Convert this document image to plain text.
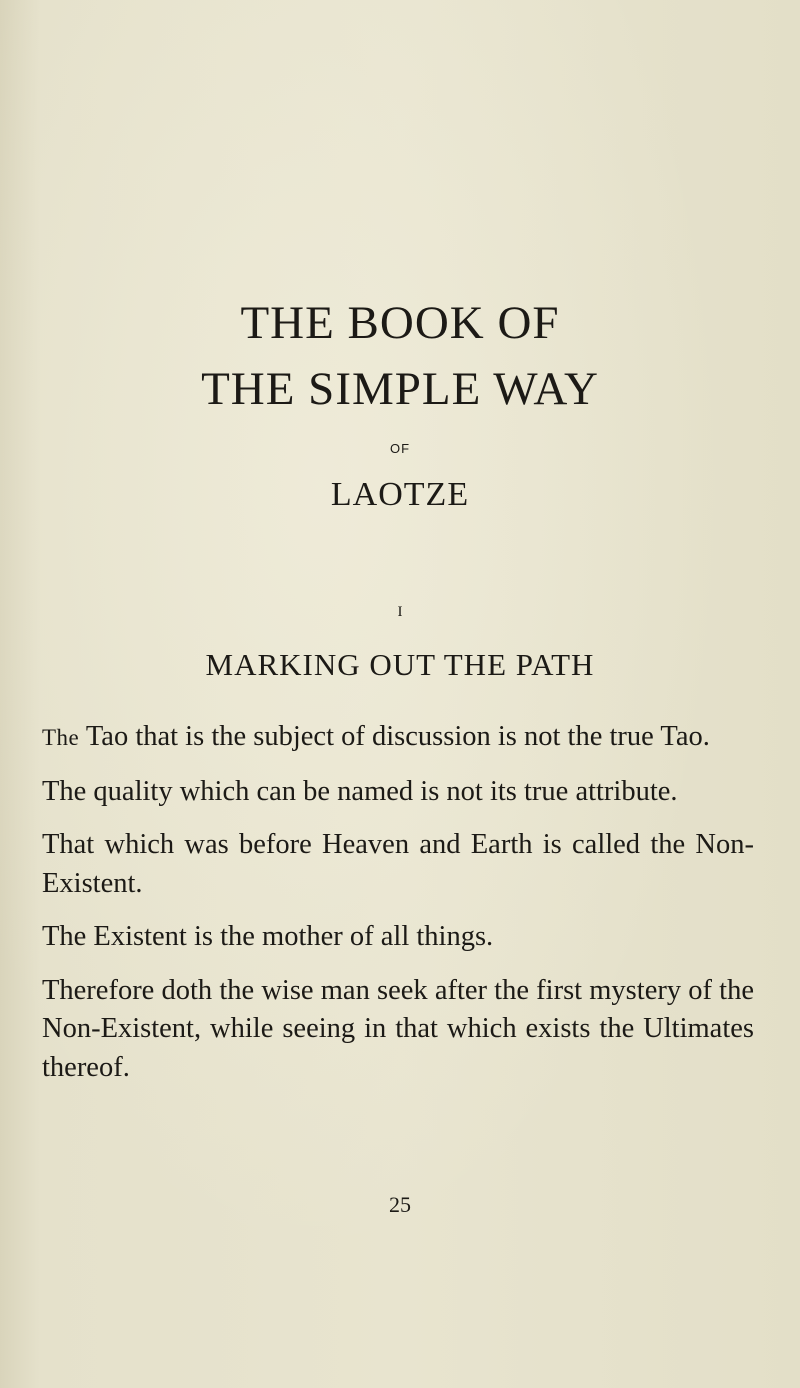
THE BOOK OF
THE SIMPLE WAY
OF
LAOTZE
I
MARKING OUT THE PATH

The Tao that is the subject of discussion is not the true Tao.

The quality which can be named is not its true attribute.

That which was before Heaven and Earth is called the Non-Existent.

The Existent is the mother of all things.

Therefore doth the wise man seek after the first mystery of the Non-Existent, while seeing in that which exists the Ultimates thereof.

25
